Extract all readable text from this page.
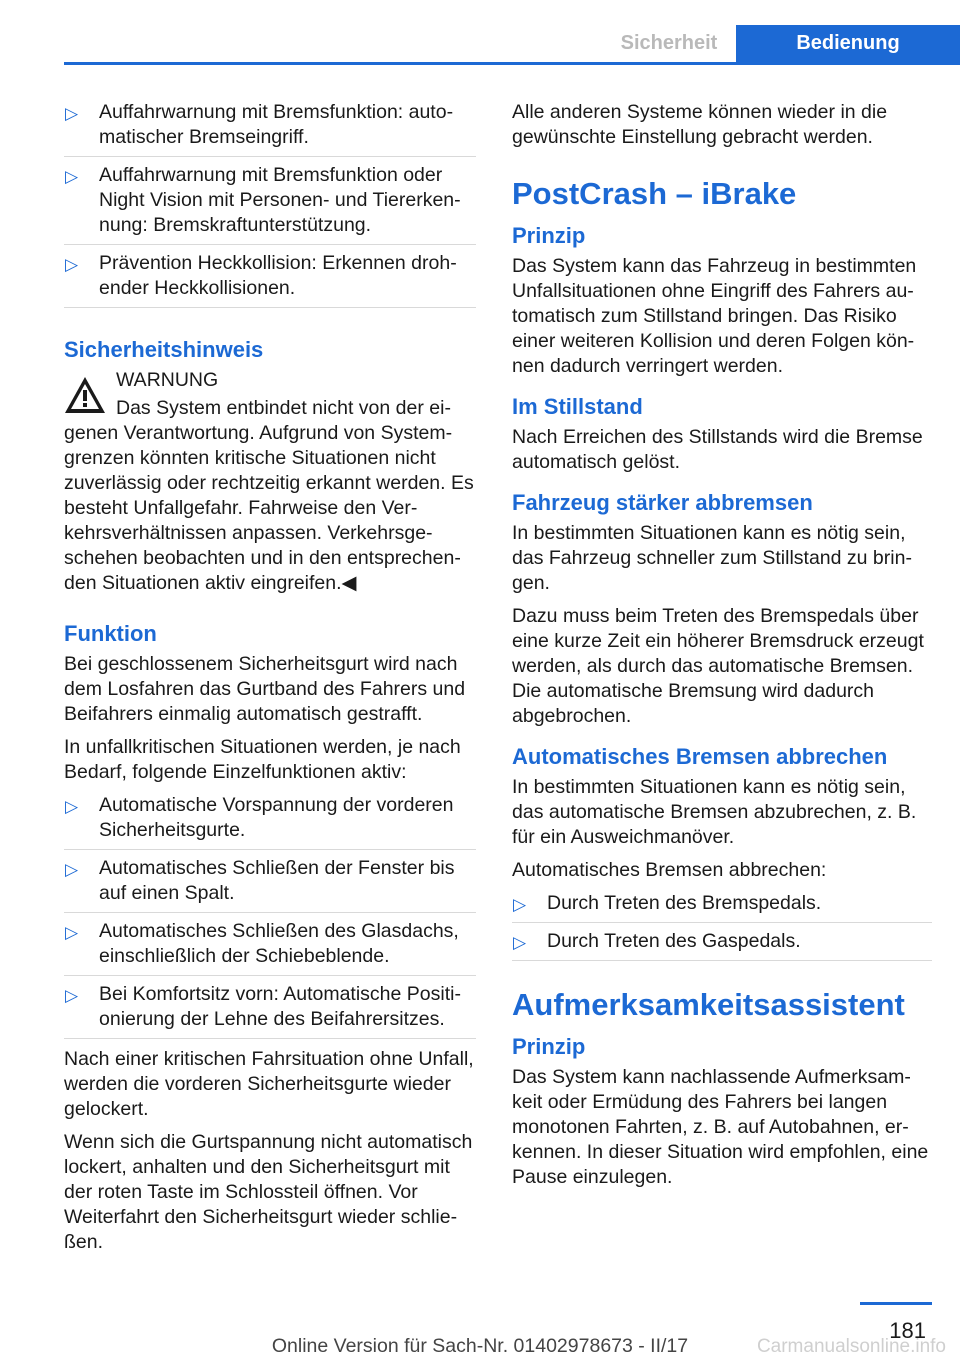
Sicherheit	Bedienung
▷ Auffahrwarnung mit Bremsfunktion: automatischer Bremseingriff.
▷ Auffahrwarnung mit Bremsfunktion oder Night Vision mit Personen- und Tiererkennung: Bremskraftunterstützung.
▷ Prävention Heckkollision: Erkennen drohender Heckkollisionen.
Sicherheitshinweis

WARNUNG

Das System entbindet nicht von der eigenen Verantwortung. Aufgrund von Systemgrenzen könnten kritische Situationen nicht zuverlässig oder rechtzeitig erkannt werden. Es besteht Unfallgefahr. Fahrweise den Verkehrsverhältnissen anpassen. Verkehrsgeschehen beobachten und in den entsprechenden Situationen aktiv eingreifen.◀

Funktion

Bei geschlossenem Sicherheitsgurt wird nach dem Losfahren das Gurtband des Fahrers und Beifahrers einmalig automatisch gestrafft.

In unfallkritischen Situationen werden, je nach Bedarf, folgende Einzelfunktionen aktiv:

▷ Automatische Vorspannung der vorderen Sicherheitsgurte.
▷ Automatisches Schließen der Fenster bis auf einen Spalt.
▷ Automatisches Schließen des Glasdachs, einschließlich der Schiebeblende.
▷ Bei Komfortsitz vorn: Automatische Positionierung der Lehne des Beifahrersitzes.

Nach einer kritischen Fahrsituation ohne Unfall, werden die vorderen Sicherheitsgurte wieder gelockert.

Wenn sich die Gurtspannung nicht automatisch lockert, anhalten und den Sicherheitsgurt mit der roten Taste im Schlossteil öffnen. Vor Weiterfahrt den Sicherheitsgurt wieder schließen.

Alle anderen Systeme können wieder in die gewünschte Einstellung gebracht werden.

PostCrash – iBrake
Prinzip

Das System kann das Fahrzeug in bestimmten Unfallsituationen ohne Eingriff des Fahrers automatisch zum Stillstand bringen. Das Risiko einer weiteren Kollision und deren Folgen können dadurch verringert werden.

Im Stillstand

Nach Erreichen des Stillstands wird die Bremse automatisch gelöst.

Fahrzeug stärker abbremsen

In bestimmten Situationen kann es nötig sein, das Fahrzeug schneller zum Stillstand zu bringen.

Dazu muss beim Treten des Bremspedals über eine kurze Zeit ein höherer Bremsdruck erzeugt werden, als durch das automatische Bremsen. Die automatische Bremsung wird dadurch abgebrochen.

Automatisches Bremsen abbrechen

In bestimmten Situationen kann es nötig sein, das automatische Bremsen abzubrechen, z. B. für ein Ausweichmanöver.

Automatisches Bremsen abbrechen:

▷ Durch Treten des Bremspedals.
▷ Durch Treten des Gaspedals.
Aufmerksamkeitsassistent
Prinzip

Das System kann nachlassende Aufmerksamkeit oder Ermüdung des Fahrers bei langen monotonen Fahrten, z. B. auf Autobahnen, erkennen. In dieser Situation wird empfohlen, eine Pause einzulegen.

181
Online Version für Sach-Nr. 01402978673 - II/17	Carmanualsonline.info
